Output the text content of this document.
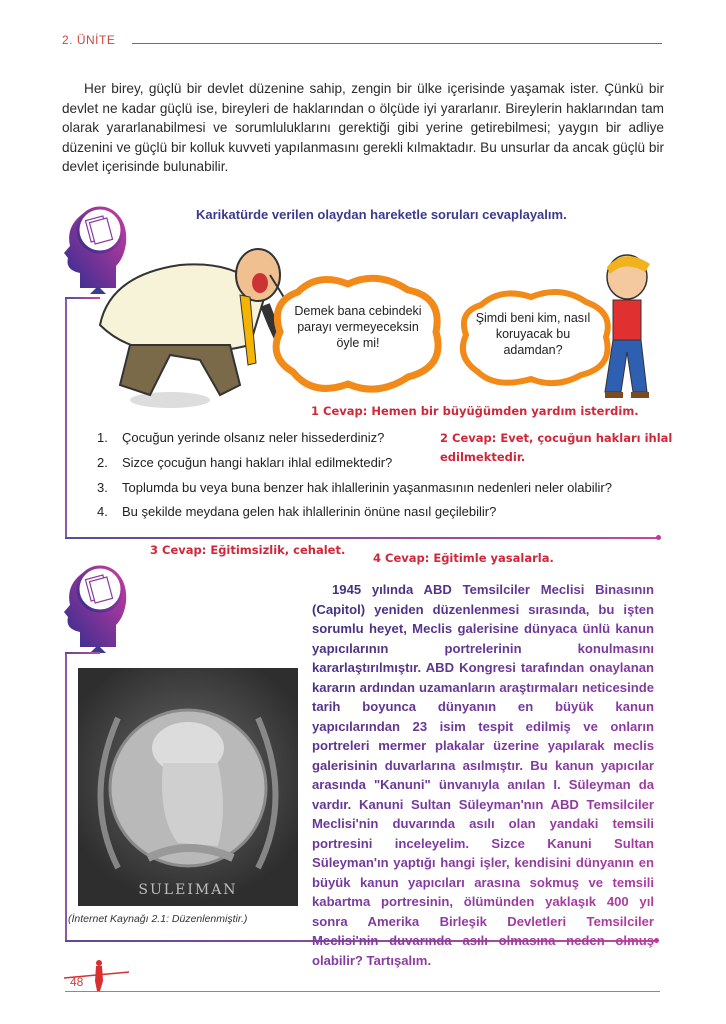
2. ÜNİTE

Her birey, güçlü bir devlet düzenine sahip, zengin bir ülke içerisinde yaşamak ister. Çünkü bir devlet ne kadar güçlü ise, bireyleri de haklarından o ölçüde iyi yararlanır. Bireylerin haklarından tam olarak yararlanabilmesi ve sorumluluklarını gerektiği gibi yerine getirebilmesi; yaygın bir adliye düzenini ve güçlü bir kolluk kuvveti yapılanmasını gerekli kılmaktadır. Bu unsurlar da ancak güçlü bir devlet içerisinde bulunabilir.

Karikatürde verilen olaydan hareketle soruları cevaplayalım.
Demek bana cebindeki parayı vermeyeceksin öyle mi!
Şimdi beni kim, nasıl koruyacak bu adamdan?
1 Cevap: Hemen bir büyüğümden yardım isterdim.
1. Çocuğun yerinde olsanız neler hissederdiniz?
2. Sizce çocuğun hangi hakları ihlal edilmektedir?
3. Toplumda bu veya buna benzer hak ihlallerinin yaşanmasının nedenleri neler olabilir?
4. Bu şekilde meydana gelen hak ihlallerinin önüne nasıl geçilebilir?
2 Cevap: Evet, çocuğun hakları ihlal
edilmektedir.
3 Cevap: Eğitimsizlik, cehalet.
4 Cevap: Eğitimle yasalarla.
SULEIMAN
(İnternet Kaynağı 2.1: Düzenlenmiştir.)

1945 yılında ABD Temsilciler Meclisi Binasının (Capitol) yeniden düzenlenmesi sırasında, bu işten sorumlu heyet, Meclis galerisine dünyaca ünlü kanun yapıcılarının portrelerinin konulmasını kararlaştırılmıştır. ABD Kongresi tarafından onaylanan kararın ardından uzamanların araştırmaları neticesinde tarih boyunca dünyanın en büyük kanun yapıcılarından 23 isim tespit edilmiş ve onların portreleri mermer plakalar üzerine yapılarak meclis galerisinin duvarlarına asılmıştır. Bu kanun yapıcılar arasında "Kanuni" ünvanıyla anılan I. Süleyman da vardır. Kanuni Sultan Süleyman'nın ABD Temsilciler Meclisi'nin duvarında asılı olan yandaki temsili portresini inceleyelim. Sizce Kanuni Sultan Süleyman'ın yaptığı hangi işler, kendisini dünyanın en büyük kanun yapıcıları arasına sokmuş ve temsili kabartma portresinin, ölümünden yaklaşık 400 yıl sonra Amerika Birleşik Devletleri Temsilciler Meclisi'nin duvarında asılı olmasına neden olmuş olabilir? Tartışalım.

48
